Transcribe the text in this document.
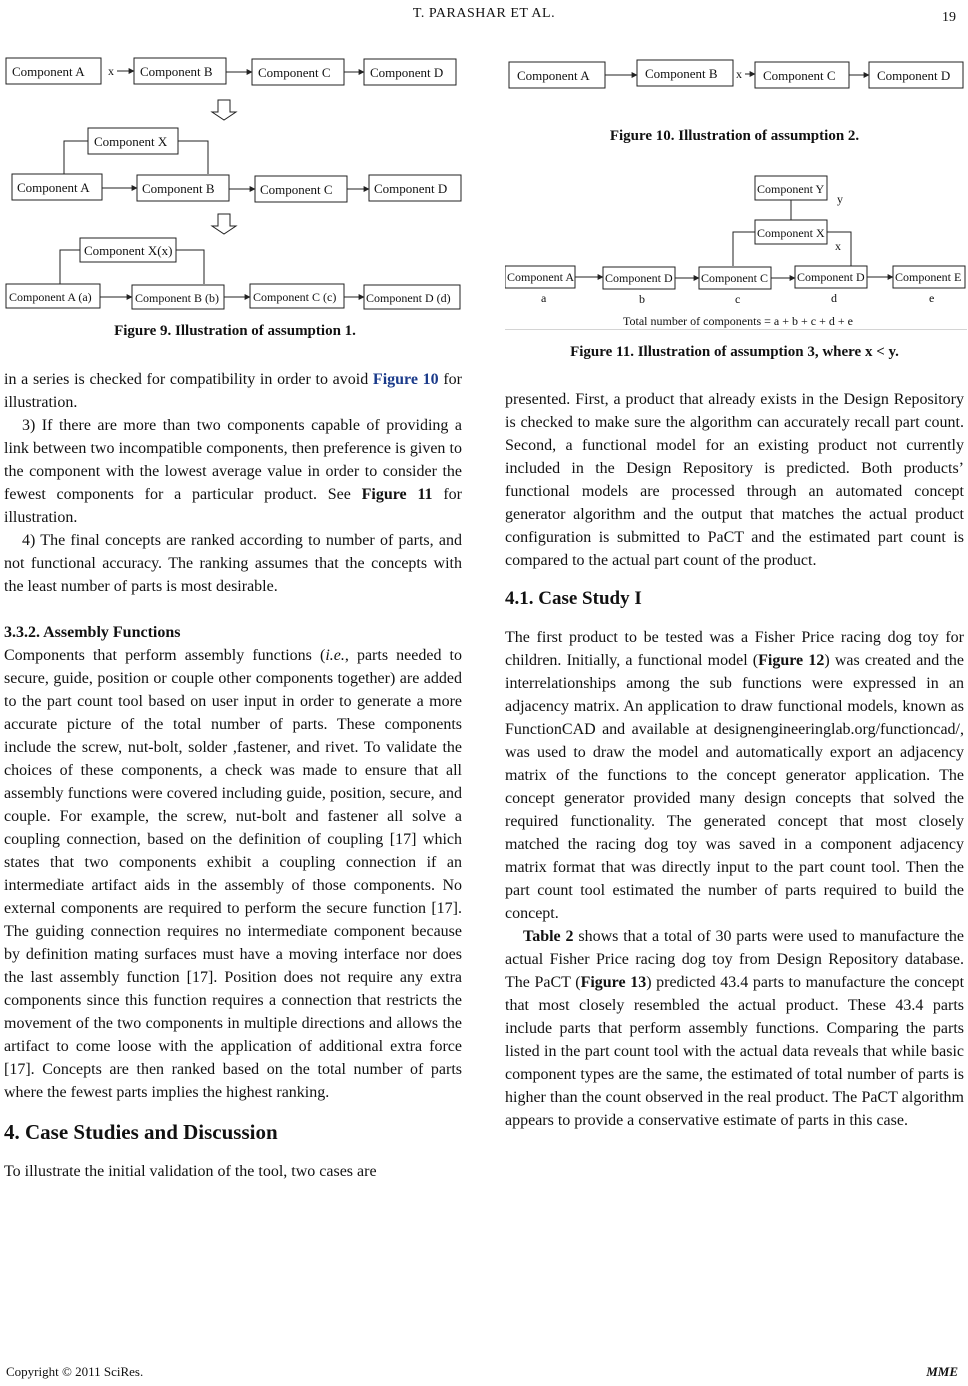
T. PARASHAR ET AL.	19
Component A	Component B	Component C	Component D
x
Component X
Component A	Component B	Component C	Component D
Component X(x)
Component A (a)	Component B (b)	Component C (c) Component D (d)
Figure 9. Illustration of assumption 1.
Component A	Component B	Component C	Component D
x
Figure 10. Illustration of assumption 2.
Component Y
y
Component X
x
Component A	Component D Component C Component D	Component E
a	b	c	d	e
Total number of components = a + b + c + d + e
Figure 11. Illustration of assumption 3, where x < y.

in a series is checked for compatibility in order to avoid Figure 10 for illustration.

3) If there are more than two components capable of providing a link between two incompatible components, then preference is given to the component with the lowest average value in order to consider the fewest components for a particular product. See Figure 11 for illustration.

4) The final concepts are ranked according to number of parts, and not functional accuracy. The ranking assumes that the concepts with the least number of parts is most desirable.

3.3.2. Assembly Functions

Components that perform assembly functions (i.e., parts needed to secure, guide, position or couple other components together) are added to the part count tool based on user input in order to generate a more accurate picture of the total number of parts. These components include the screw, nut-bolt, solder ,fastener, and rivet. To validate the choices of these components, a check was made to ensure that all assembly functions were covered including guide, position, secure, and couple. For example, the screw, nut-bolt and fastener all solve a coupling connection, based on the definition of coupling [17] which states that two components exhibit a coupling connection if an intermediate artifact aids in the assembly of those components. No external components are required to perform the secure function [17]. The guiding connection requires no intermediate component because by definition mating surfaces must have a moving interface nor does the last assembly function [17]. Position does not require any extra components since this function requires a connection that restricts the movement of the two components in multiple directions and allows the artifact to come loose with the application of additional extra force [17]. Concepts are then ranked based on the total number of parts where the fewest parts implies the highest ranking.

4. Case Studies and Discussion

To illustrate the initial validation of the tool, two cases are

presented. First, a product that already exists in the Design Repository is checked to make sure the algorithm can accurately recall part count. Second, a functional model for an existing product not currently included in the Design Repository is predicted. Both products’ functional models are processed through an automated concept generator algorithm and the output that matches the actual product configuration is submitted to PaCT and the estimated part count is compared to the actual part count of the product.

4.1. Case Study I

The first product to be tested was a Fisher Price racing dog toy for children. Initially, a functional model (Figure 12) was created and the interrelationships among the sub functions were expressed in an adjacency matrix. An application to draw functional models, known as FunctionCAD and available at designengineeringlab.org/functioncad/, was used to draw the model and automatically export an adjacency matrix of the functions to the concept generator application. The concept generator provided many design concepts that solved the required functionality. The generated concept that most closely matched the racing dog toy was saved in a component adjacency matrix format that was directly input to the part count tool. Then the part count tool estimated the number of parts required to build the concept.

Table 2 shows that a total of 30 parts were used to manufacture the actual Fisher Price racing dog toy from Design Repository database. The PaCT (Figure 13) predicted 43.4 parts to manufacture the concept that most closely resembled the actual product. These 43.4 parts include parts that perform assembly functions. Comparing the parts listed in the part count tool with the actual data reveals that while basic component types are the same, the estimated of total number of parts is higher than the count observed in the real product. The PaCT algorithm appears to provide a conservative estimate of parts in this case.

Copyright © 2011 SciRes.	MME
